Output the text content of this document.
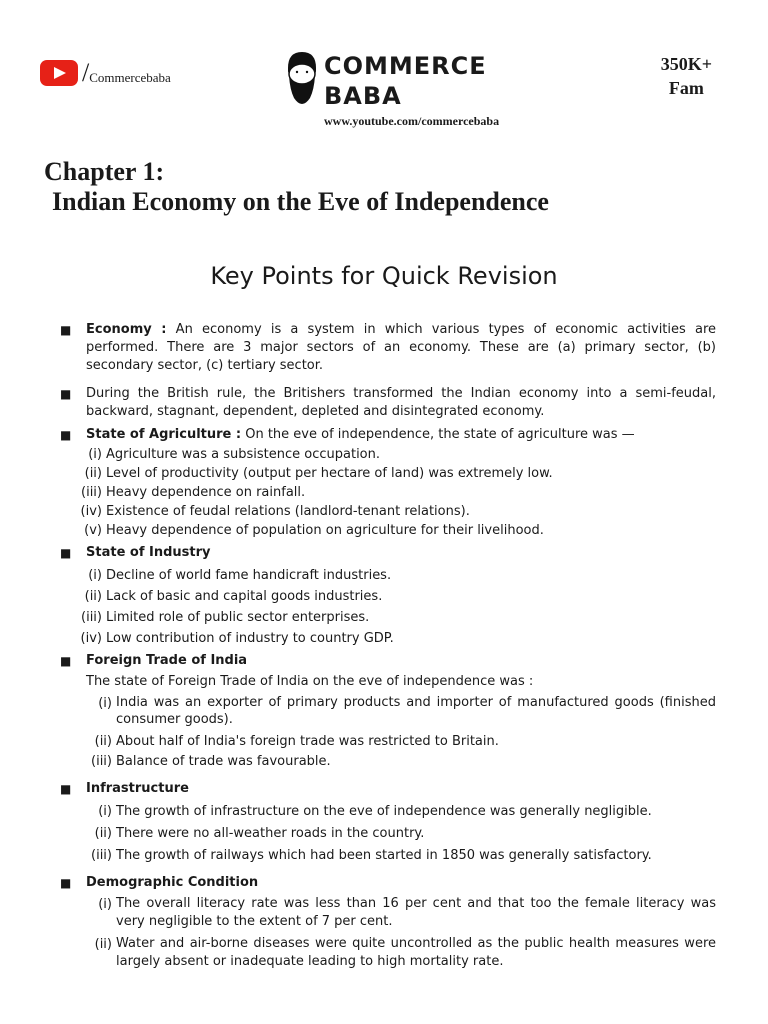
/ Commercebaba	COMMERCE
BABA
www.youtube.com/commercebaba
350K+
Fam
Chapter 1:
Indian Economy on the Eve of Independence
Key Points for Quick Revision
■ Economy : An economy is a system in which various types of economic activities are performed. There are 3 major sectors of an economy. These are (a) primary sector, (b) secondary sector, (c) tertiary sector.
■ During the British rule, the Britishers transformed the Indian economy into a semi-feudal, backward, stagnant, dependent, depleted and disintegrated economy.
■ State of Agriculture : On the eve of independence, the state of agriculture was —
(i) Agriculture was a subsistence occupation.
(ii) Level of productivity (output per hectare of land) was extremely low.
(iii) Heavy dependence on rainfall.
(iv) Existence of feudal relations (landlord-tenant relations).
(v) Heavy dependence of population on agriculture for their livelihood.
■ State of Industry
(i) Decline of world fame handicraft industries.
(ii) Lack of basic and capital goods industries.
(iii) Limited role of public sector enterprises.
(iv) Low contribution of industry to country GDP.
■ Foreign Trade of India
The state of Foreign Trade of India on the eve of independence was :
(i) India was an exporter of primary products and importer of manufactured goods (finished consumer goods).
(ii) About half of India's foreign trade was restricted to Britain.
(iii) Balance of trade was favourable.
■ Infrastructure
(i) The growth of infrastructure on the eve of independence was generally negligible.
(ii) There were no all-weather roads in the country.
(iii) The growth of railways which had been started in 1850 was generally satisfactory.
■ Demographic Condition
(i) The overall literacy rate was less than 16 per cent and that too the female literacy was very negligible to the extent of 7 per cent.
(ii) Water and air-borne diseases were quite uncontrolled as the public health measures were largely absent or inadequate leading to high mortality rate.
